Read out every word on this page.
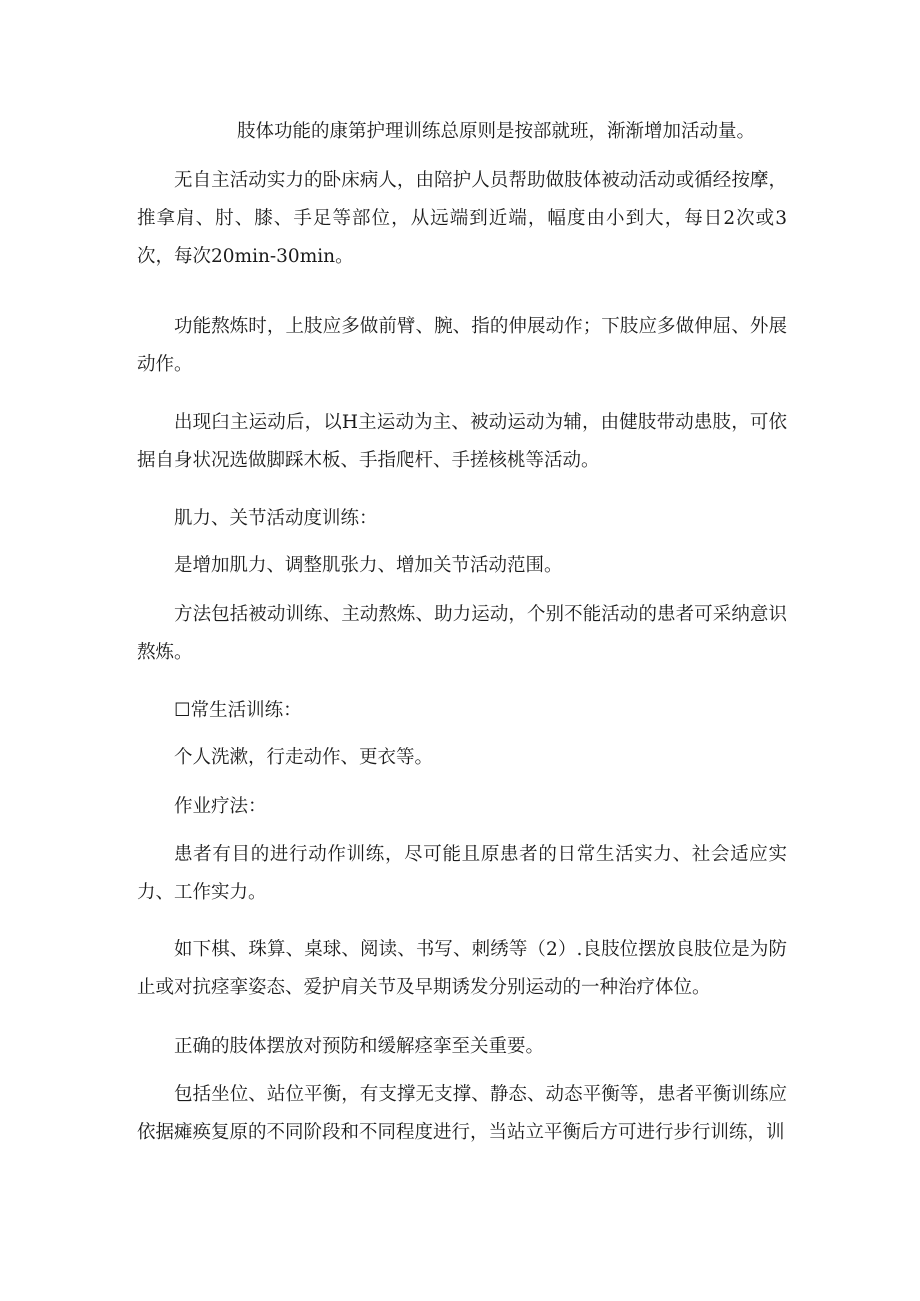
肢体功能的康第护理训练总原则是按部就班，渐渐增加活动量。

无自主活动实力的卧床病人，由陪护人员帮助做肢体被动活动或循经按摩，推拿肩、肘、膝、手足等部位，从远端到近端，幅度由小到大，每日2次或3次，每次20min-30min。

功能熬炼时，上肢应多做前臂、腕、指的伸展动作；下肢应多做伸屈、外展动作。

出现臼主运动后，以H主运动为主、被动运动为辅，由健肢带动患肢，可依据自身状况选做脚踩木板、手指爬杆、手搓核桃等活动。

肌力、关节活动度训练：

是增加肌力、调整肌张力、增加关节活动范围。

方法包括被动训练、主动熬炼、助力运动，个别不能活动的患者可采纳意识熬炼。

☐常生活训练：

个人洗漱，行走动作、更衣等。

作业疗法：

患者有目的进行动作训练，尽可能且原患者的日常生活实力、社会适应实力、工作实力。

如下棋、珠算、桌球、阅读、书写、刺绣等（2）.良肢位摆放良肢位是为防止或对抗痉挛姿态、爱护肩关节及早期诱发分别运动的一种治疗体位。

正确的肢体摆放对预防和缓解痉挛至关重要。

包括坐位、站位平衡，有支撑无支撑、静态、动态平衡等，患者平衡训练应依据瘫痪复原的不同阶段和不同程度进行，当站立平衡后方可进行步行训练，训
